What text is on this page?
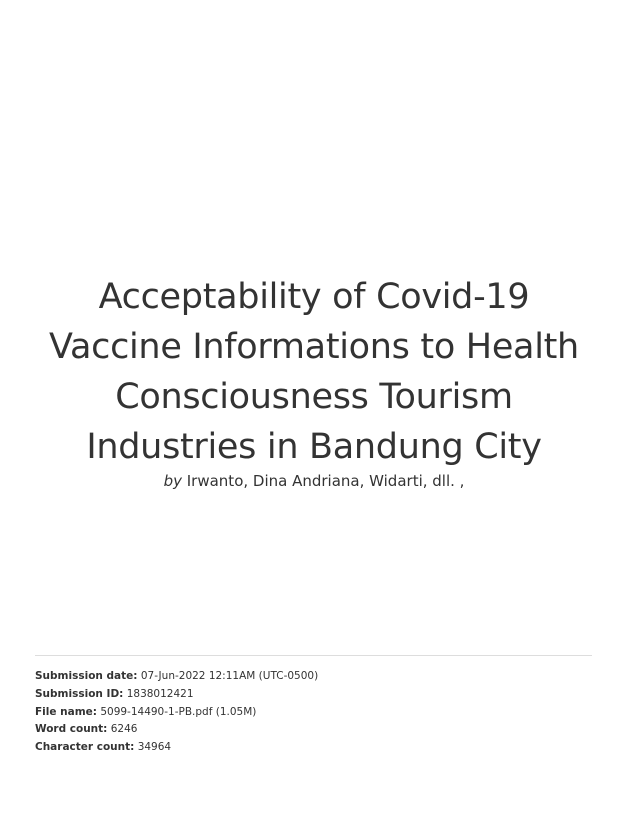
Acceptability of Covid-19
Vaccine Informations to Health
Consciousness Tourism
Industries in Bandung City
by Irwanto, Dina Andriana, Widarti, dll. ,
Submission date: 07-Jun-2022 12:11AM (UTC-0500)
Submission ID: 1838012421
File name: 5099-14490-1-PB.pdf (1.05M)
Word count: 6246
Character count: 34964
